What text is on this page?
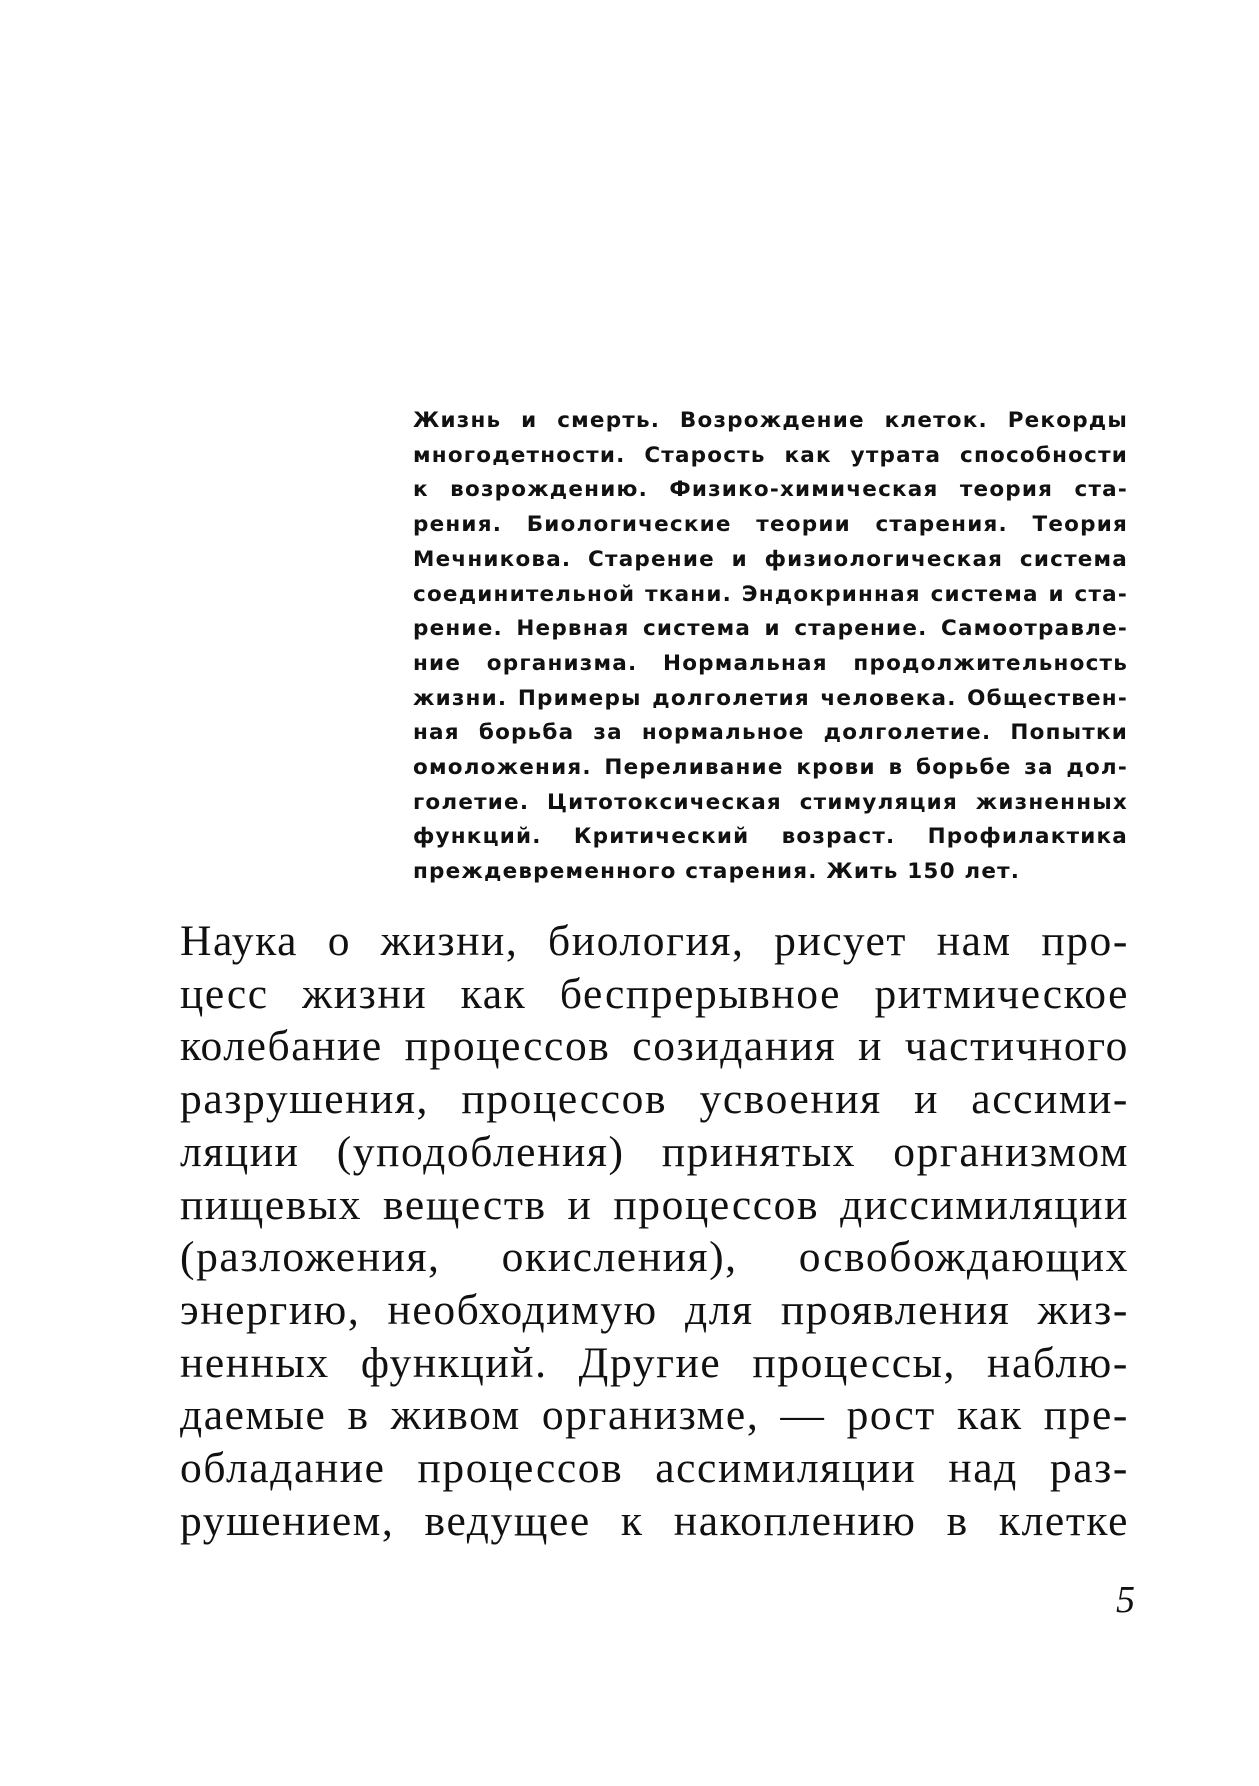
Жизнь и смерть. Возрождение клеток. Рекорды
многодетности. Старость как утрата способности
к возрождению. Физико-химическая теория ста-
рения. Биологические теории старения. Теория
Мечникова. Старение и физиологическая система
соединительной ткани. Эндокринная система и ста-
рение. Нервная система и старение. Самоотравле-
ние организма. Нормальная продолжительность
жизни. Примеры долголетия человека. Обществен-
ная борьба за нормальное долголетие. Попытки
омоложения. Переливание крови в борьбе за дол-
голетие. Цитотоксическая стимуляция жизненных
функций. Критический возраст. Профилактика
преждевременного старения. Жить 150 лет.
Наука о жизни, биология, рисует нам про-
цесс жизни как беспрерывное ритмическое
колебание процессов созидания и частичного
разрушения, процессов усвоения и ассими-
ляции (уподобления) принятых организмом
пищевых веществ и процессов диссимиляции
(разложения, окисления), освобождающих
энергию, необходимую для проявления жиз-
ненных функций. Другие процессы, наблю-
даемые в живом организме, — рост как пре-
обладание процессов ассимиляции над раз-
рушением, ведущее к накоплению в клетке
5
